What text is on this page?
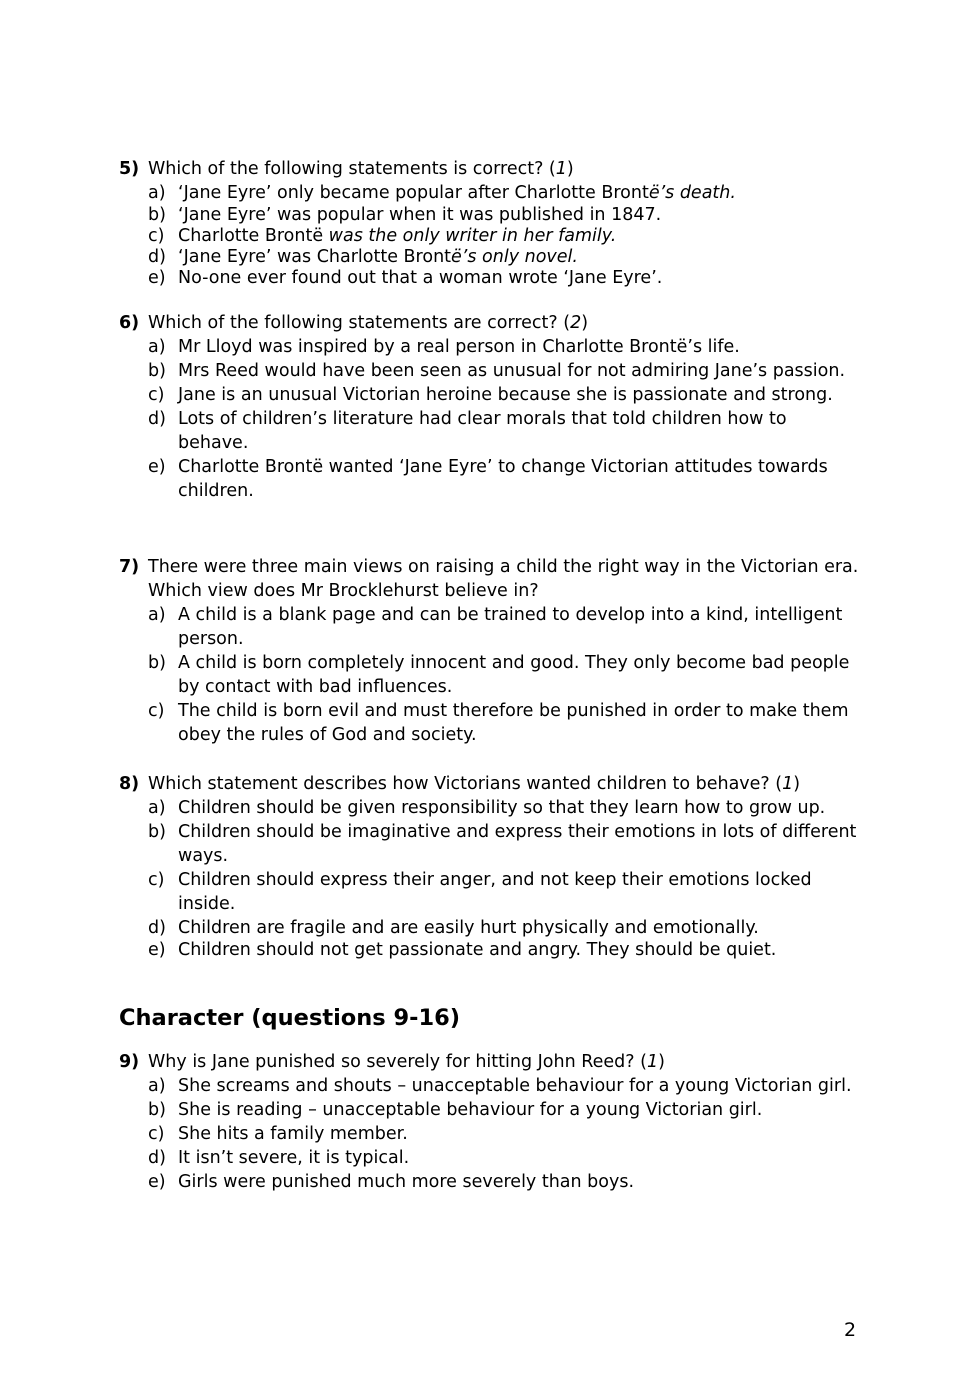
5) Which of the following statements is correct? (1)
a) ‘Jane Eyre’ only became popular after Charlotte Brontë’s death.
b) ‘Jane Eyre’ was popular when it was published in 1847.
c) Charlotte Brontë was the only writer in her family.
d) ‘Jane Eyre’ was Charlotte Brontë’s only novel.
e) No-one ever found out that a woman wrote ‘Jane Eyre’.
6) Which of the following statements are correct? (2)
a) Mr Lloyd was inspired by a real person in Charlotte Brontë’s life.
b) Mrs Reed would have been seen as unusual for not admiring Jane’s passion.
c) Jane is an unusual Victorian heroine because she is passionate and strong.
d) Lots of children’s literature had clear morals that told children how to behave.
e) Charlotte Brontë wanted ‘Jane Eyre’ to change Victorian attitudes towards children.
7) There were three main views on raising a child the right way in the Victorian era. Which view does Mr Brocklehurst believe in?
a) A child is a blank page and can be trained to develop into a kind, intelligent person.
b) A child is born completely innocent and good. They only become bad people by contact with bad influences.
c) The child is born evil and must therefore be punished in order to make them obey the rules of God and society.
8) Which statement describes how Victorians wanted children to behave? (1)
a) Children should be given responsibility so that they learn how to grow up.
b) Children should be imaginative and express their emotions in lots of different ways.
c) Children should express their anger, and not keep their emotions locked inside.
d) Children are fragile and are easily hurt physically and emotionally.
e) Children should not get passionate and angry. They should be quiet.
Character (questions 9-16)
9) Why is Jane punished so severely for hitting John Reed? (1)
a) She screams and shouts – unacceptable behaviour for a young Victorian girl.
b) She is reading – unacceptable behaviour for a young Victorian girl.
c) She hits a family member.
d) It isn’t severe, it is typical.
e) Girls were punished much more severely than boys.
2
